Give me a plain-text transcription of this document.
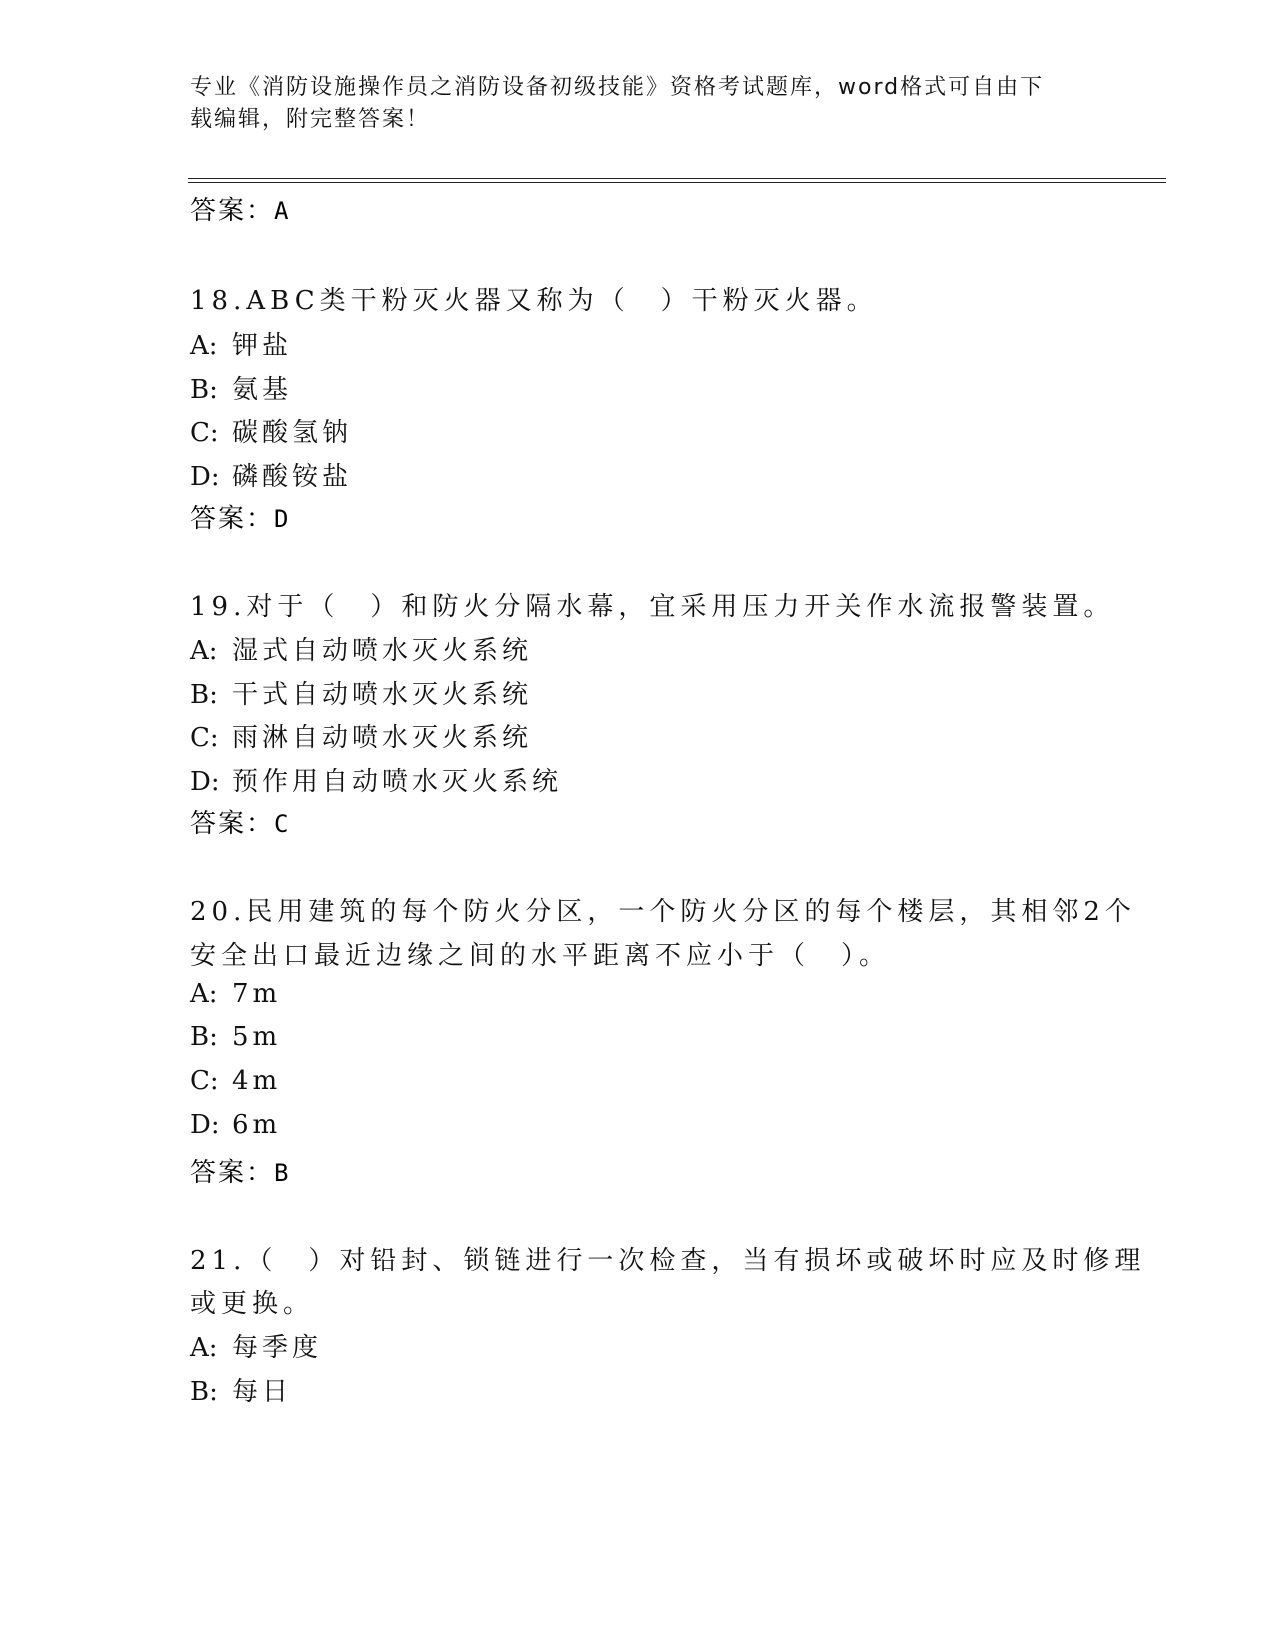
专业《消防设施操作员之消防设备初级技能》资格考试题库，word格式可自由下
载编辑，附完整答案！
答案：A
18.ABC类干粉灭火器又称为（　）干粉灭火器。
A: 钾盐
B: 氨基
C: 碳酸氢钠
D: 磷酸铵盐
答案：D
19.对于（　）和防火分隔水幕，宜采用压力开关作水流报警装置。
A: 湿式自动喷水灭火系统
B: 干式自动喷水灭火系统
C: 雨淋自动喷水灭火系统
D: 预作用自动喷水灭火系统
答案：C
20.民用建筑的每个防火分区，一个防火分区的每个楼层，其相邻2个
安全出口最近边缘之间的水平距离不应小于（　）。
A: 7m
B: 5m
C: 4m
D: 6m
答案：B
21.（　）对铅封、锁链进行一次检查，当有损坏或破坏时应及时修理
或更换。
A: 每季度
B: 每日
